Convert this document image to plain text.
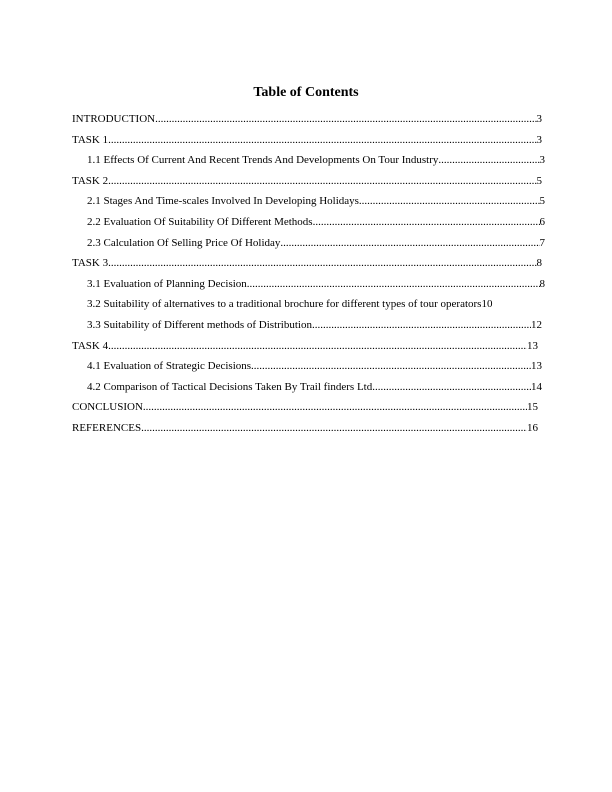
Table of Contents
INTRODUCTION .....	3
TASK 1 .....	3
1.1 Effects Of Current And Recent Trends And Developments On Tour Industry .....	3
TASK 2 .....	5
2.1 Stages And Time-scales Involved In Developing Holidays .....	5
2.2 Evaluation Of Suitability Of Different Methods .....	6
2.3 Calculation Of Selling Price Of Holiday .....	7
TASK 3 .....	8
3.1 Evaluation of Planning Decision .....	8
3.2 Suitability of alternatives to a traditional brochure for different types of tour operators 10
3.3 Suitability of Different methods of Distribution .....	12
TASK 4 .....	13
4.1 Evaluation of Strategic Decisions .....	13
4.2 Comparison of Tactical Decisions Taken By Trail finders Ltd .....	14
CONCLUSION .....	15
REFERENCES .....	16
